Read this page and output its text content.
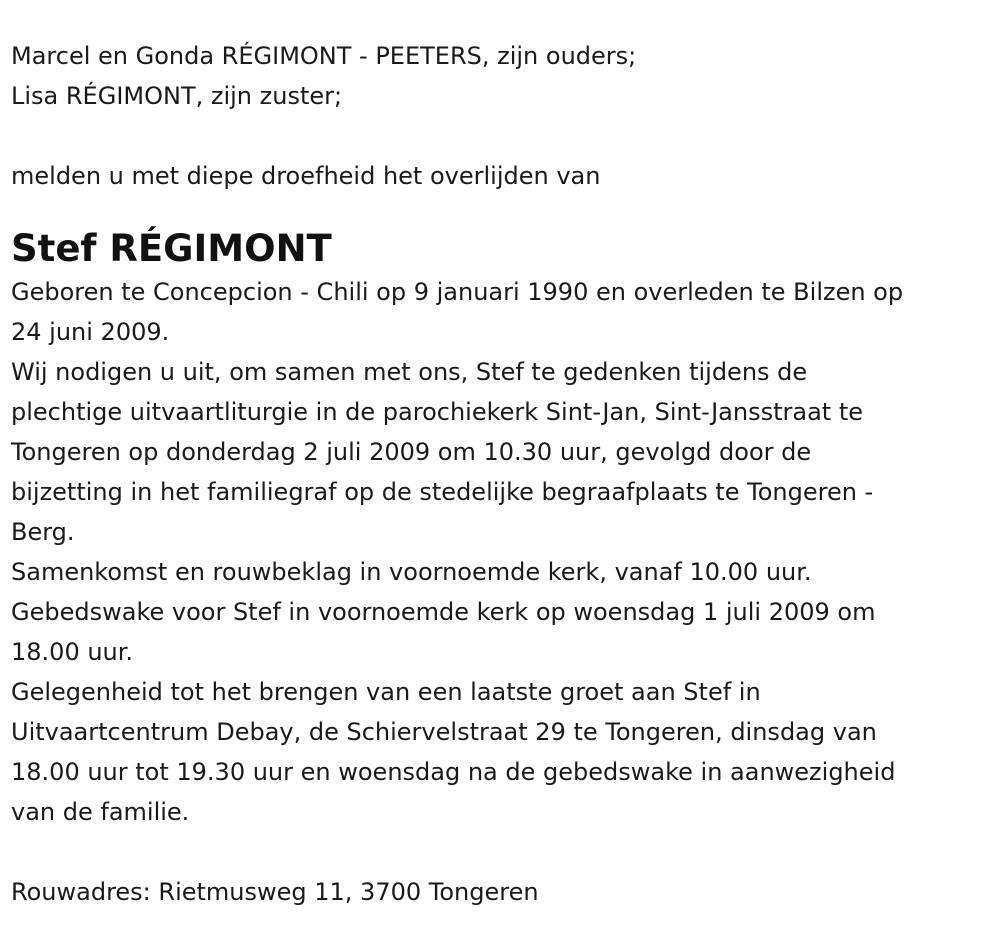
Marcel en Gonda RÉGIMONT - PEETERS, zijn ouders;
Lisa RÉGIMONT, zijn zuster;
melden u met diepe droefheid het overlijden van
Stef RÉGIMONT
Geboren te Concepcion - Chili op 9 januari 1990 en overleden te Bilzen op
24 juni 2009.
Wij nodigen u uit, om samen met ons, Stef te gedenken tijdens de
plechtige uitvaartliturgie in de parochiekerk Sint-Jan, Sint-Jansstraat te
Tongeren op donderdag 2 juli 2009 om 10.30 uur, gevolgd door de
bijzetting in het familiegraf op de stedelijke begraafplaats te Tongeren -
Berg.
Samenkomst en rouwbeklag in voornoemde kerk, vanaf 10.00 uur.
Gebedswake voor Stef in voornoemde kerk op woensdag 1 juli 2009 om
18.00 uur.
Gelegenheid tot het brengen van een laatste groet aan Stef in
Uitvaartcentrum Debay, de Schiervelstraat 29 te Tongeren, dinsdag van
18.00 uur tot 19.30 uur en woensdag na de gebedswake in aanwezigheid
van de familie.
Rouwadres: Rietmusweg 11, 3700 Tongeren
